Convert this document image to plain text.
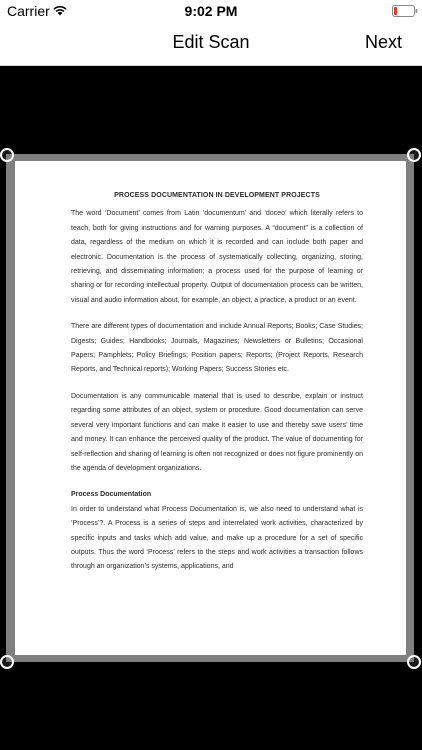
Carrier	9:02 PM
Edit Scan	Next
PROCESS DOCUMENTATION IN DEVELOPMENT PROJECTS

The word ‘Document’ comes from Latin ‘documentum’ and ‘doceo’ which literally refers to teach, both for giving instructions and for warning purposes. A “document” is a collection of data, regardless of the medium on which it is recorded and can include both paper and electronic. Documentation is the process of systematically collecting, organizing, storing, retrieving, and disseminating information; a process used for the purpose of learning or sharing or for recording intellectual property. Output of documentation process can be written, visual and audio information about, for example, an object, a practice, a product or an event.

There are different types of documentation and include Annual Reports; Books; Case Studies; Digests; Guides; Handbooks; Journals, Magazines; Newsletters or Bulletins; Occasional Papers; Pamphlets; Policy Briefings; Position papers; Reports; (Project Reports, Research Reports, and Technical reports); Working Papers; Success Stories etc.

Documentation is any communicable material that is used to describe, explain or instruct regarding some attributes of an object, system or procedure. Good documentation can serve several very important functions and can make it easier to use and thereby save users’ time and money. It can enhance the perceived quality of the product. The value of documenting for self-reflection and sharing of learning is often not recognized or does not figure prominently on the agenda of development organizations.

Process Documentation

In order to understand what Process Documentation is, we also need to understand what is ‘Process’?. A Process is a series of steps and interrelated work activities, characterized by specific inputs and tasks which add value, and make up a procedure for a set of specific outputs. Thus the word ‘Process’ refers to the steps and work activities a transaction follows through an organization’s systems, applications, and
